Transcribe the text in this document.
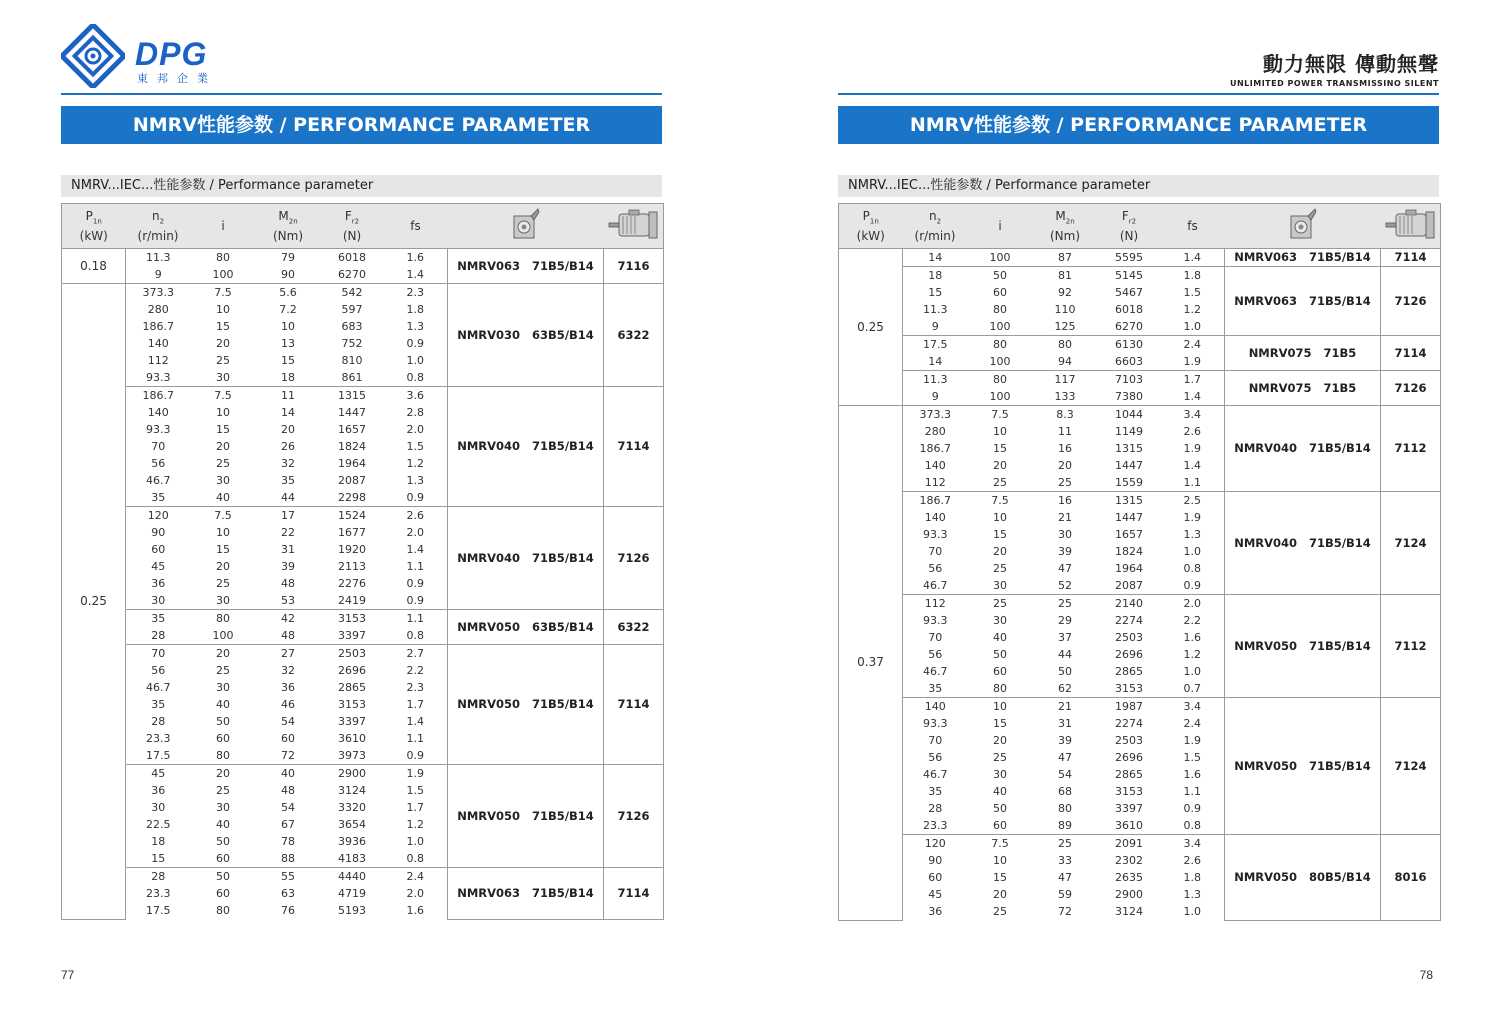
DPG
東邦企業
NMRV性能参数 / PERFORMANCE PARAMETER
NMRV...IEC...性能参数 / Performance parameter
$P_{1n}$
(kW)	$n_2$
(r/min)	i	$M_{2n}$
(Nm)	$F_{r2}$
(N)	fs		
0.18	11.3	80	79	6018	1.6	NMRV063   71B5/B14	7116
	9	100	90	6270	1.4		
0.25	373.3	7.5	5.6	542	2.3	NMRV030   63B5/B14	6322
	280	10	7.2	597	1.8		
	186.7	15	10	683	1.3		
	140	20	13	752	0.9		
	112	25	15	810	1.0		
	93.3	30	18	861	0.8		
	186.7	7.5	11	1315	3.6	NMRV040   71B5/B14	7114
	140	10	14	1447	2.8		
	93.3	15	20	1657	2.0		
	70	20	26	1824	1.5		
	56	25	32	1964	1.2		
	46.7	30	35	2087	1.3		
	35	40	44	2298	0.9		
	120	7.5	17	1524	2.6	NMRV040   71B5/B14	7126
	90	10	22	1677	2.0		
	60	15	31	1920	1.4		
	45	20	39	2113	1.1		
	36	25	48	2276	0.9		
	30	30	53	2419	0.9		
	35	80	42	3153	1.1	NMRV050   63B5/B14	6322
	28	100	48	3397	0.8		
	70	20	27	2503	2.7	NMRV050   71B5/B14	7114
	56	25	32	2696	2.2		
	46.7	30	36	2865	2.3		
	35	40	46	3153	1.7		
	28	50	54	3397	1.4		
	23.3	60	60	3610	1.1		
	17.5	80	72	3973	0.9		
	45	20	40	2900	1.9	NMRV050   71B5/B14	7126
	36	25	48	3124	1.5		
	30	30	54	3320	1.7		
	22.5	40	67	3654	1.2		
	18	50	78	3936	1.0		
	15	60	88	4183	0.8		
	28	50	55	4440	2.4	NMRV063   71B5/B14	7114
	23.3	60	63	4719	2.0		
	17.5	80	76	5193	1.6		
77
動力無限 傳動無聲
UNLIMITED POWER TRANSMISSINO SILENT
NMRV性能参数 / PERFORMANCE PARAMETER
NMRV...IEC...性能参数 / Performance parameter
$P_{1n}$
(kW)	$n_2$
(r/min)	i	$M_{2n}$
(Nm)	$F_{r2}$
(N)	fs		
0.25	14	100	87	5595	1.4	NMRV063   71B5/B14	7114
	18	50	81	5145	1.8	NMRV063   71B5/B14	7126
	15	60	92	5467	1.5		
	11.3	80	110	6018	1.2		
	9	100	125	6270	1.0		
	17.5	80	80	6130	2.4	NMRV075   71B5	7114
	14	100	94	6603	1.9		
	11.3	80	117	7103	1.7	NMRV075   71B5	7126
	9	100	133	7380	1.4		
0.37	373.3	7.5	8.3	1044	3.4	NMRV040   71B5/B14	7112
	280	10	11	1149	2.6		
	186.7	15	16	1315	1.9		
	140	20	20	1447	1.4		
	112	25	25	1559	1.1		
	186.7	7.5	16	1315	2.5	NMRV040   71B5/B14	7124
	140	10	21	1447	1.9		
	93.3	15	30	1657	1.3		
	70	20	39	1824	1.0		
	56	25	47	1964	0.8		
	46.7	30	52	2087	0.9		
	112	25	25	2140	2.0	NMRV050   71B5/B14	7112
	93.3	30	29	2274	2.2		
	70	40	37	2503	1.6		
	56	50	44	2696	1.2		
	46.7	60	50	2865	1.0		
	35	80	62	3153	0.7		
	140	10	21	1987	3.4	NMRV050   71B5/B14	7124
	93.3	15	31	2274	2.4		
	70	20	39	2503	1.9		
	56	25	47	2696	1.5		
	46.7	30	54	2865	1.6		
	35	40	68	3153	1.1		
	28	50	80	3397	0.9		
	23.3	60	89	3610	0.8		
	120	7.5	25	2091	3.4	NMRV050   80B5/B14	8016
	90	10	33	2302	2.6		
	60	15	47	2635	1.8		
	45	20	59	2900	1.3		
	36	25	72	3124	1.0		
78
